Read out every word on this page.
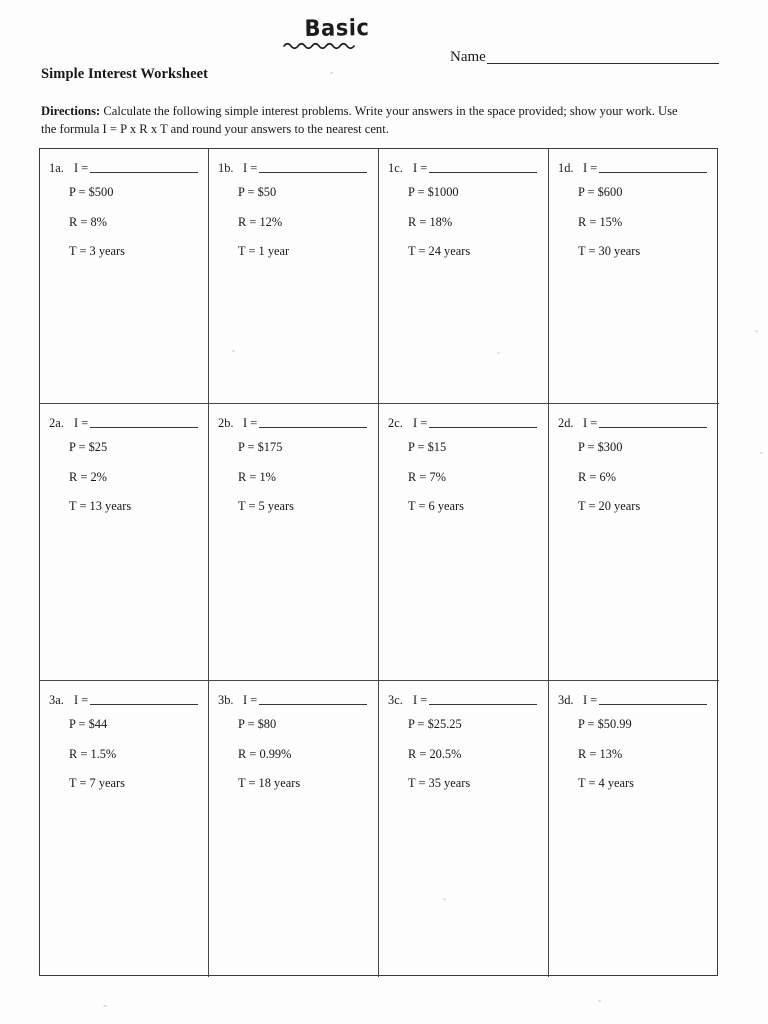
Basic
Name
Simple Interest Worksheet
Directions: Calculate the following simple interest problems. Write your answers in the space provided; show your work. Use the formula I = P x R x T and round your answers to the nearest cent.
1a. I =
P = $500
R = 8%
T = 3 years
1b. I =
P = $50
R = 12%
T = 1 year
1c. I =
P = $1000
R = 18%
T = 24 years
1d. I =
P = $600
R = 15%
T = 30 years
2a. I =
P = $25
R = 2%
T = 13 years
2b. I =
P = $175
R = 1%
T = 5 years
2c. I =
P = $15
R = 7%
T = 6 years
2d. I =
P = $300
R = 6%
T = 20 years
3a. I =
P = $44
R = 1.5%
T = 7 years
3b. I =
P = $80
R = 0.99%
T = 18 years
3c. I =
P = $25.25
R = 20.5%
T = 35 years
3d. I =
P = $50.99
R = 13%
T = 4 years
